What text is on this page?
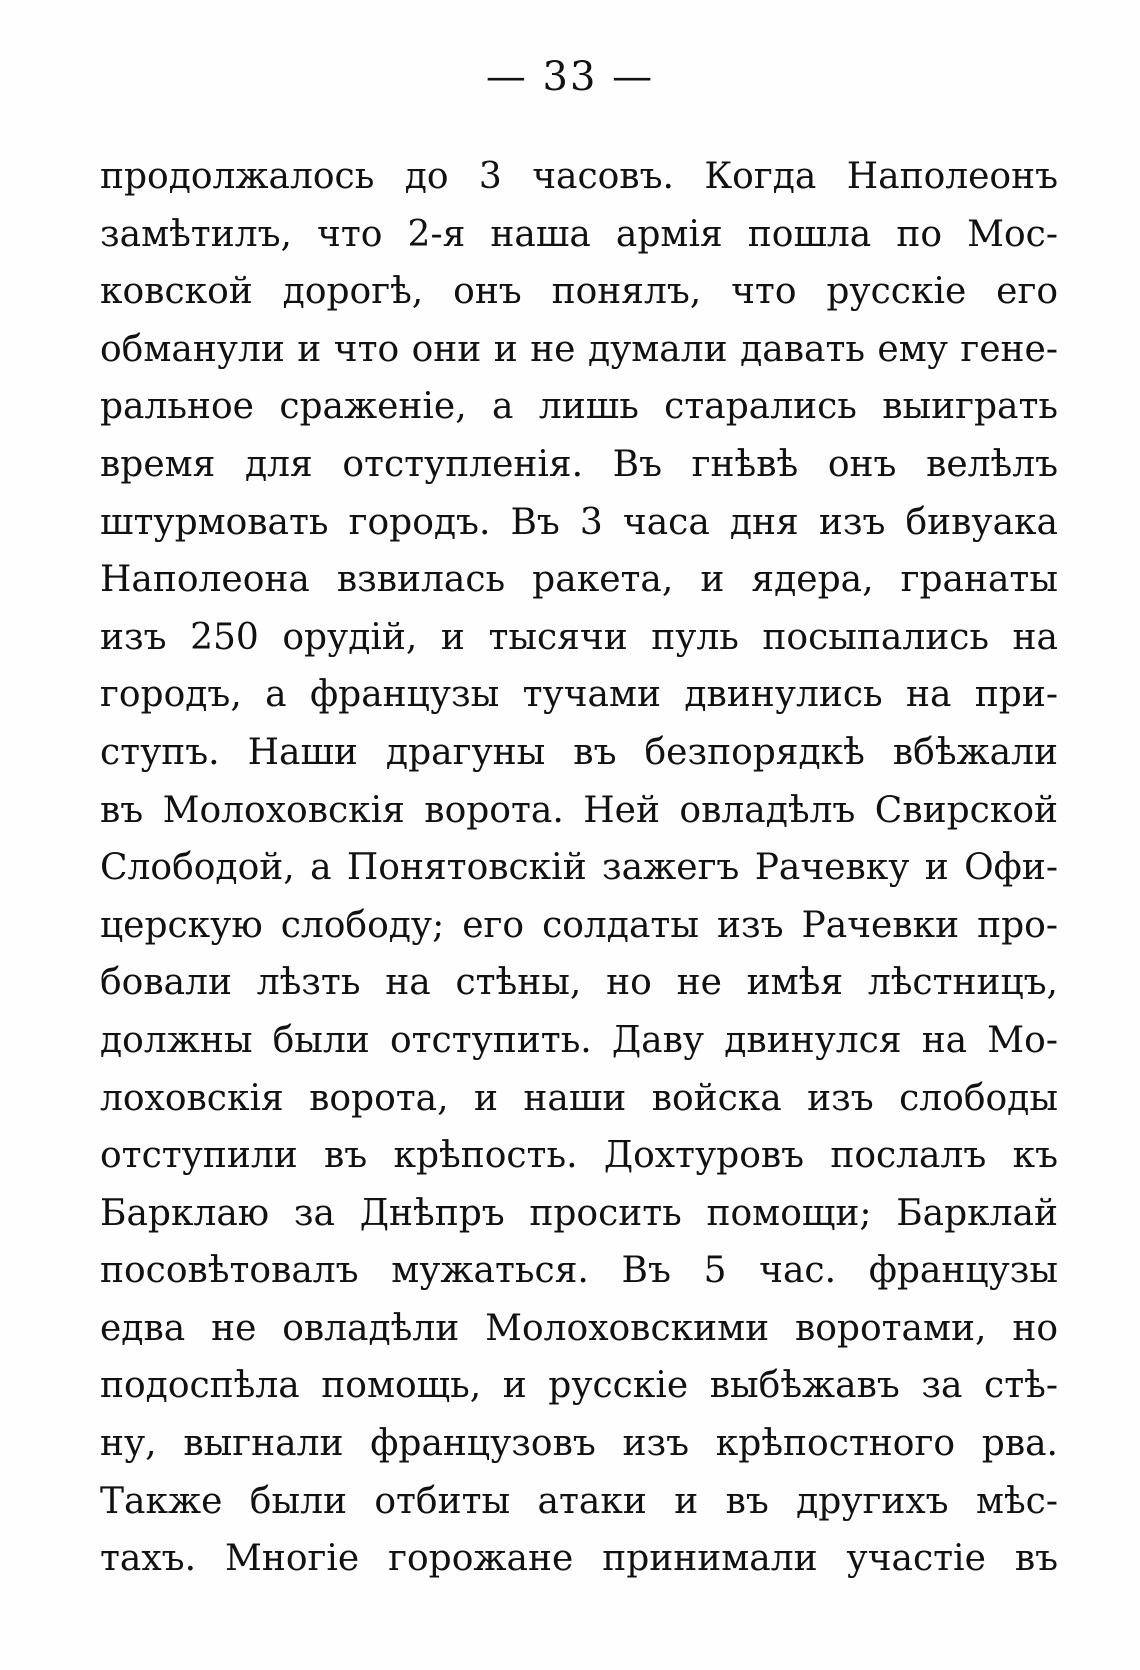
— 33 —
продолжалось до 3 часовъ. Когда Наполеонъ
замѣтилъ, что 2-я наша армія пошла по Мос-
ковской дорогѣ, онъ понялъ, что русскіе его
обманули и что они и не думали давать ему гене-
ральное сраженіе, а лишь старались выиграть
время для отступленія. Въ гнѣвѣ онъ велѣлъ
штурмовать городъ. Въ 3 часа дня изъ бивуака
Наполеона взвилась ракета, и ядера, гранаты
изъ 250 орудій, и тысячи пуль посыпались на
городъ, а французы тучами двинулись на при-
ступъ. Наши драгуны въ безпорядкѣ вбѣжали
въ Молоховскія ворота. Ней овладѣлъ Свирской
Слободой, а Понятовскій зажегъ Рачевку и Офи-
церскую слободу; его солдаты изъ Рачевки про-
бовали лѣзть на стѣны, но не имѣя лѣстницъ,
должны были отступить. Даву двинулся на Мо-
лоховскія ворота, и наши войска изъ слободы
отступили въ крѣпость. Дохтуровъ послалъ къ
Барклаю за Днѣпръ просить помощи; Барклай
посовѣтовалъ мужаться. Въ 5 час. французы
едва не овладѣли Молоховскими воротами, но
подоспѣла помощь, и русскіе выбѣжавъ за стѣ-
ну, выгнали французовъ изъ крѣпостного рва.
Также были отбиты атаки и въ другихъ мѣс-
тахъ. Многіе горожане принимали участіе въ
